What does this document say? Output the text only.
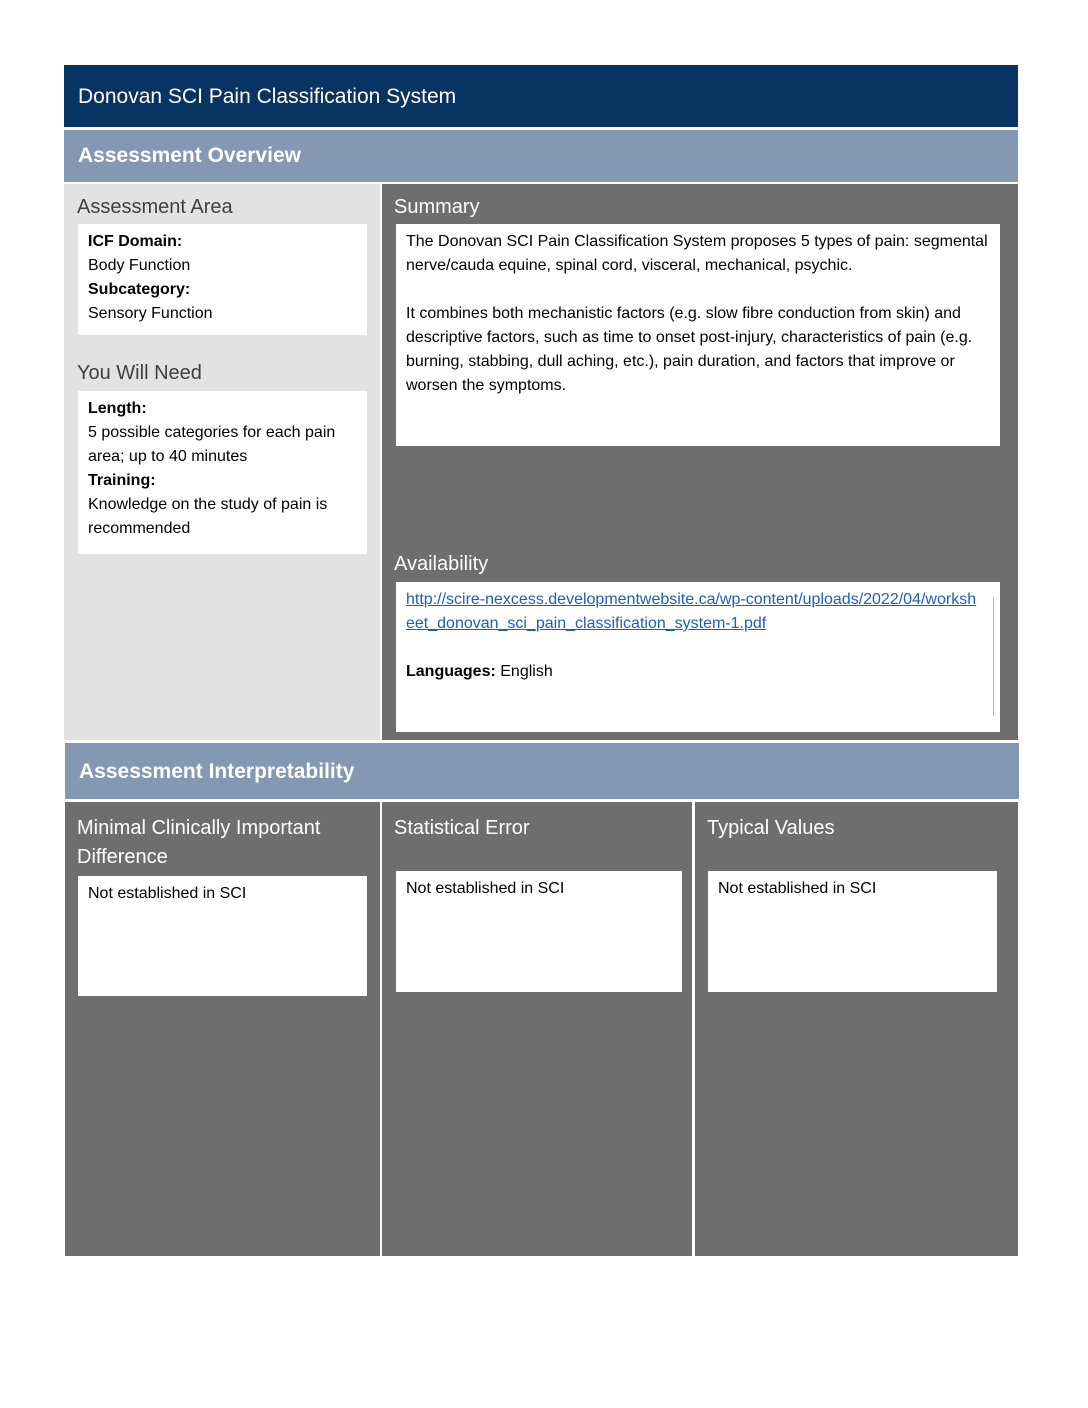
Donovan SCI Pain Classification System
Assessment Overview
Assessment Area
ICF Domain:
Body Function
Subcategory:
Sensory Function
You Will Need
Length:
5 possible categories for each pain area; up to 40 minutes
Training:
Knowledge on the study of pain is recommended
Summary
The Donovan SCI Pain Classification System proposes 5 types of pain: segmental nerve/cauda equine, spinal cord, visceral, mechanical, psychic.
It combines both mechanistic factors (e.g. slow fibre conduction from skin) and descriptive factors, such as time to onset post-injury, characteristics of pain (e.g. burning, stabbing, dull aching, etc.), pain duration, and factors that improve or worsen the symptoms.
Availability
http://scire-nexcess.developmentwebsite.ca/wp-content/uploads/2022/04/worksheet_donovan_sci_pain_classification_system-1.pdf
Languages: English
Assessment Interpretability
Minimal Clinically Important Difference
Not established in SCI
Statistical Error
Not established in SCI
Typical Values
Not established in SCI
